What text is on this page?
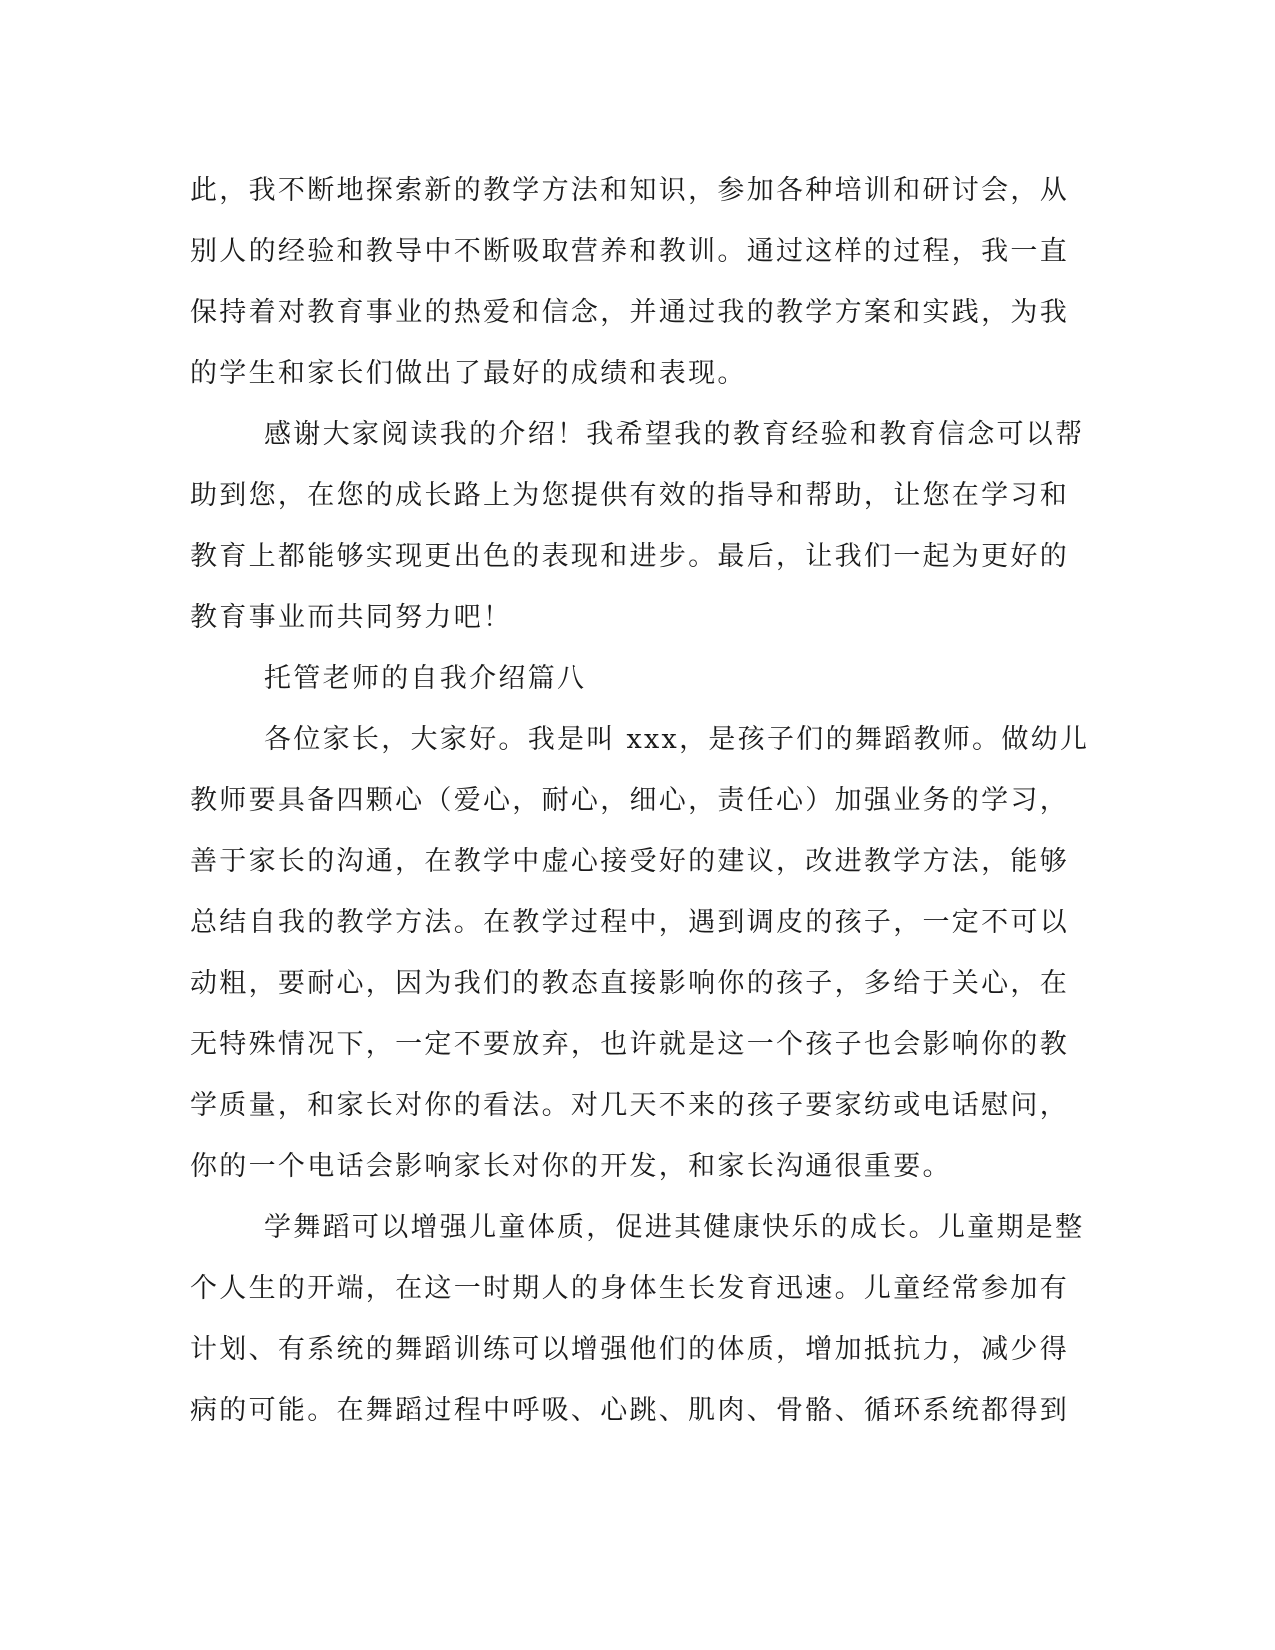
此，我不断地探索新的教学方法和知识，参加各种培训和研讨会，从
别人的经验和教导中不断吸取营养和教训。通过这样的过程，我一直
保持着对教育事业的热爱和信念，并通过我的教学方案和实践，为我
的学生和家长们做出了最好的成绩和表现。
感谢大家阅读我的介绍！我希望我的教育经验和教育信念可以帮
助到您，在您的成长路上为您提供有效的指导和帮助，让您在学习和
教育上都能够实现更出色的表现和进步。最后，让我们一起为更好的
教育事业而共同努力吧！
托管老师的自我介绍篇八
各位家长，大家好。我是叫 xxx，是孩子们的舞蹈教师。做幼儿
教师要具备四颗心（爱心，耐心，细心，责任心）加强业务的学习，
善于家长的沟通，在教学中虚心接受好的建议，改进教学方法，能够
总结自我的教学方法。在教学过程中，遇到调皮的孩子，一定不可以
动粗，要耐心，因为我们的教态直接影响你的孩子，多给于关心，在
无特殊情况下，一定不要放弃，也许就是这一个孩子也会影响你的教
学质量，和家长对你的看法。对几天不来的孩子要家纺或电话慰问，
你的一个电话会影响家长对你的开发，和家长沟通很重要。
学舞蹈可以增强儿童体质，促进其健康快乐的成长。儿童期是整
个人生的开端，在这一时期人的身体生长发育迅速。儿童经常参加有
计划、有系统的舞蹈训练可以增强他们的体质，增加抵抗力，减少得
病的可能。在舞蹈过程中呼吸、心跳、肌肉、骨骼、循环系统都得到
